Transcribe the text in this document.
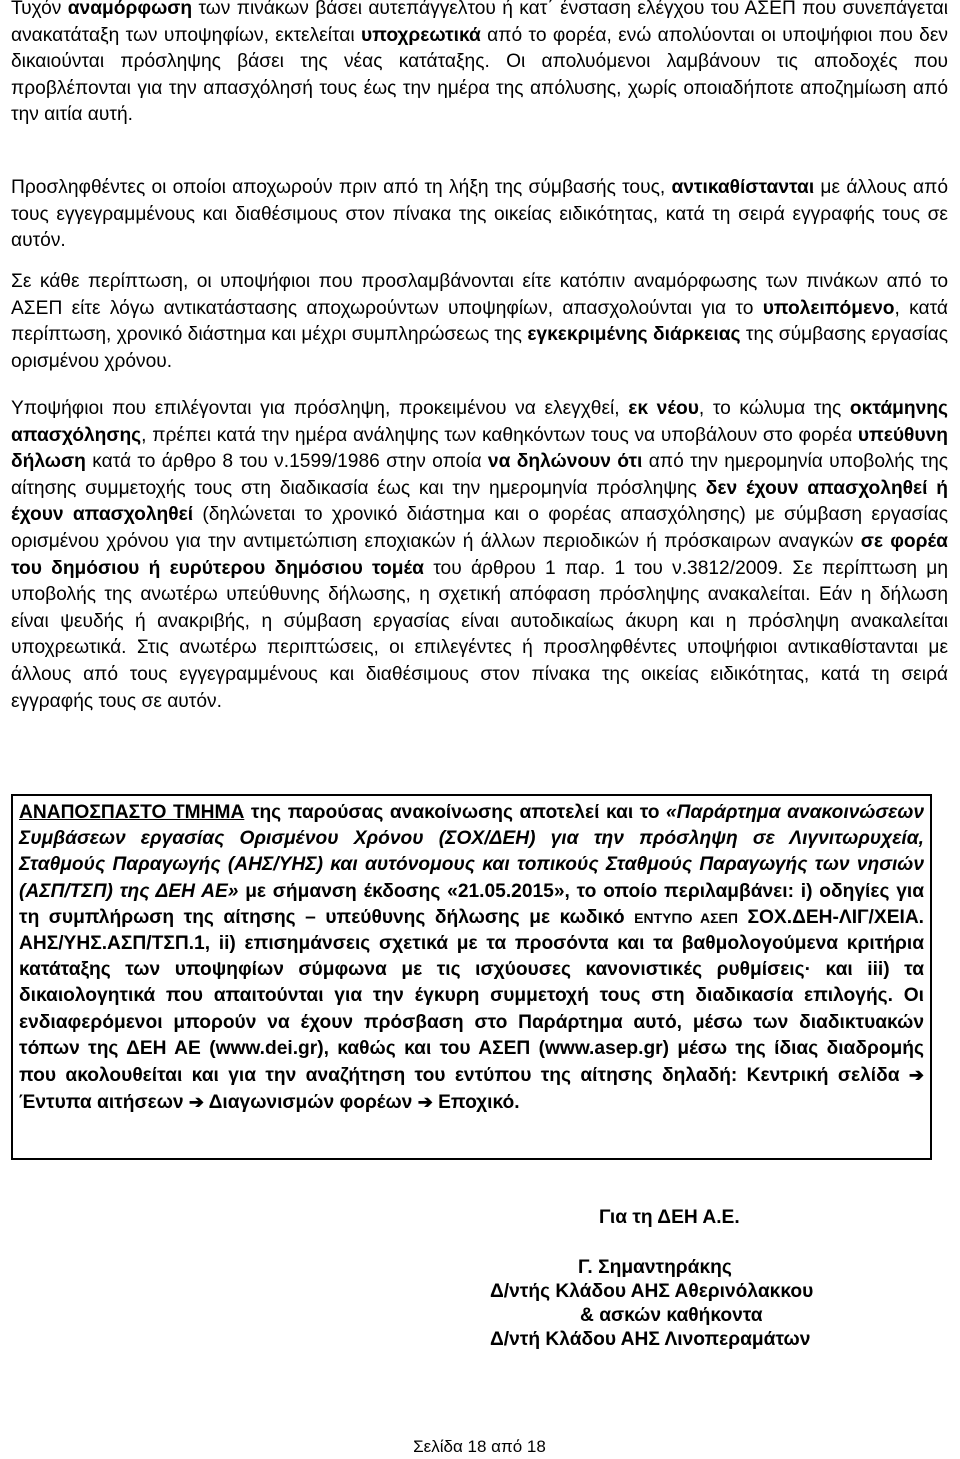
Τυχόν αναμόρφωση των πινάκων βάσει αυτεπάγγελτου ή κατ΄ ένσταση ελέγχου του ΑΣΕΠ που συνεπάγεται ανακατάταξη των υποψηφίων, εκτελείται υποχρεωτικά από το φορέα, ενώ απολύονται οι υποψήφιοι που δεν δικαιούνται πρόσληψης βάσει της νέας κατάταξης. Οι απολυόμενοι λαμβάνουν τις αποδοχές που προβλέπονται για την απασχόλησή τους έως την ημέρα της απόλυσης, χωρίς οποιαδήποτε αποζημίωση από την αιτία αυτή.

Προσληφθέντες οι οποίοι αποχωρούν πριν από τη λήξη της σύμβασής τους, αντικαθίστανται με άλλους από τους εγγεγραμμένους και διαθέσιμους στον πίνακα της οικείας ειδικότητας, κατά τη σειρά εγγραφής τους σε αυτόν.

Σε κάθε περίπτωση, οι υποψήφιοι που προσλαμβάνονται είτε κατόπιν αναμόρφωσης των πινάκων από το ΑΣΕΠ είτε λόγω αντικατάστασης αποχωρούντων υποψηφίων, απασχολούνται για το υπολειπόμενο, κατά περίπτωση, χρονικό διάστημα και μέχρι συμπληρώσεως της εγκεκριμένης διάρκειας της σύμβασης εργασίας ορισμένου χρόνου.

Υποψήφιοι που επιλέγονται για πρόσληψη, προκειμένου να ελεγχθεί, εκ νέου, το κώλυμα της οκτάμηνης απασχόλησης, πρέπει κατά την ημέρα ανάληψης των καθηκόντων τους να υποβάλουν στο φορέα υπεύθυνη δήλωση κατά το άρθρο 8 του ν.1599/1986 στην οποία να δηλώνουν ότι από την ημερομηνία υποβολής της αίτησης συμμετοχής τους στη διαδικασία έως και την ημερομηνία πρόσληψης δεν έχουν απασχοληθεί ή έχουν απασχοληθεί (δηλώνεται το χρονικό διάστημα και ο φορέας απασχόλησης) με σύμβαση εργασίας ορισμένου χρόνου για την αντιμετώπιση εποχιακών ή άλλων περιοδικών ή πρόσκαιρων αναγκών σε φορέα του δημόσιου ή ευρύτερου δημόσιου τομέα του άρθρου 1 παρ. 1 του ν.3812/2009. Σε περίπτωση μη υποβολής της ανωτέρω υπεύθυνης δήλωσης, η σχετική απόφαση πρόσληψης ανακαλείται. Εάν η δήλωση είναι ψευδής ή ανακριβής, η σύμβαση εργασίας είναι αυτοδικαίως άκυρη και η πρόσληψη ανακαλείται υποχρεωτικά. Στις ανωτέρω περιπτώσεις, οι επιλεγέντες ή προσληφθέντες υποψήφιοι αντικαθίστανται με άλλους από τους εγγεγραμμένους και διαθέσιμους στον πίνακα της οικείας ειδικότητας, κατά τη σειρά εγγραφής τους σε αυτόν.

ΑΝΑΠΟΣΠΑΣΤΟ ΤΜΗΜΑ της παρούσας ανακοίνωσης αποτελεί και το «Παράρτημα ανακοινώσεων Συμβάσεων εργασίας Ορισμένου Χρόνου (ΣΟΧ/ΔΕΗ) για την πρόσληψη σε Λιγνιτωρυχεία, Σταθμούς Παραγωγής (ΑΗΣ/ΥΗΣ) και αυτόνομους και τοπικούς Σταθμούς Παραγωγής των νησιών (ΑΣΠ/ΤΣΠ) της ΔΕΗ ΑΕ» με σήμανση έκδοσης «21.05.2015», το οποίο περιλαμβάνει: i) οδηγίες για τη συμπλήρωση της αίτησης – υπεύθυνης δήλωσης με κωδικό ΕΝΤΥΠΟ ΑΣΕΠ ΣΟΧ.ΔΕΗ-ΛΙΓ/ΧΕΙΑ. ΑΗΣ/ΥΗΣ.ΑΣΠ/ΤΣΠ.1, ii) επισημάνσεις σχετικά με τα προσόντα και τα βαθμολογούμενα κριτήρια κατάταξης των υποψηφίων σύμφωνα με τις ισχύουσες κανονιστικές ρυθμίσεις· και iii) τα δικαιολογητικά που απαιτούνται για την έγκυρη συμμετοχή τους στη διαδικασία επιλογής. Οι ενδιαφερόμενοι μπορούν να έχουν πρόσβαση στο Παράρτημα αυτό, μέσω των διαδικτυακών τόπων της ΔΕΗ ΑΕ (www.dei.gr), καθώς και του ΑΣΕΠ (www.asep.gr) μέσω της ίδιας διαδρομής που ακολουθείται και για την αναζήτηση του εντύπου της αίτησης δηλαδή: Κεντρική σελίδα ➔ Έντυπα αιτήσεων ➔ Διαγωνισμών φορέων ➔ Εποχικό.

Για τη ΔΕΗ Α.Ε.
Γ. Σημαντηράκης
Δ/ντής Κλάδου ΑΗΣ Αθερινόλακκου
& ασκών καθήκοντα
Δ/ντή Κλάδου ΑΗΣ Λινοπεραμάτων
Σελίδα 18 από 18
